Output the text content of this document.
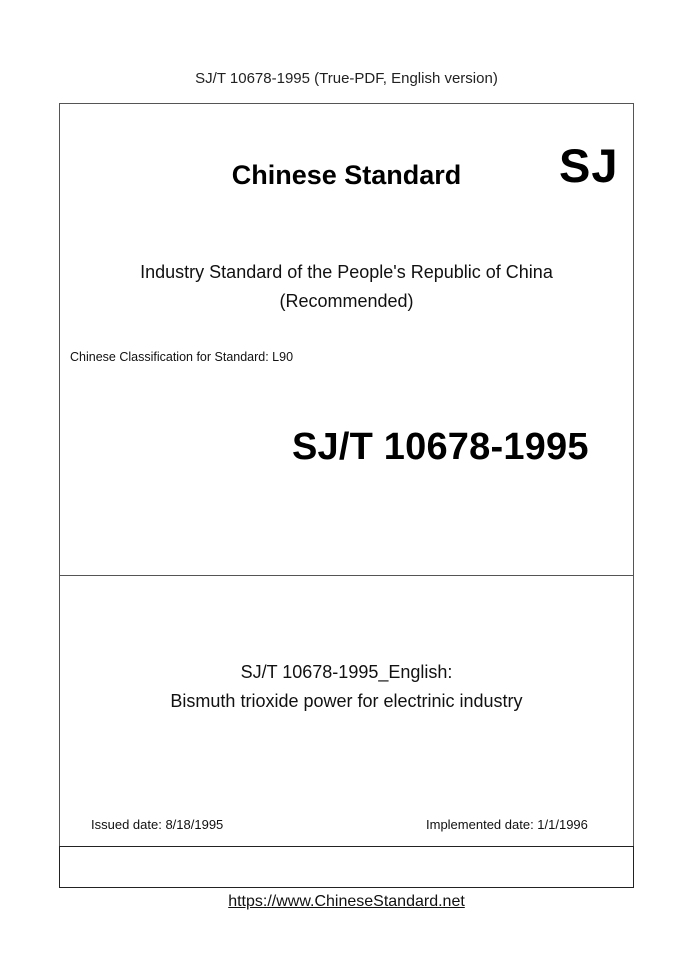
SJ/T 10678-1995 (True-PDF, English version)
Chinese Standard	SJ
Industry Standard of the People's Republic of China
(Recommended)
Chinese Classification for Standard: L90
SJ/T 10678-1995
SJ/T 10678-1995_English:
Bismuth trioxide power for electrinic industry
Issued date: 8/18/1995	Implemented date: 1/1/1996
https://www.ChineseStandard.net
